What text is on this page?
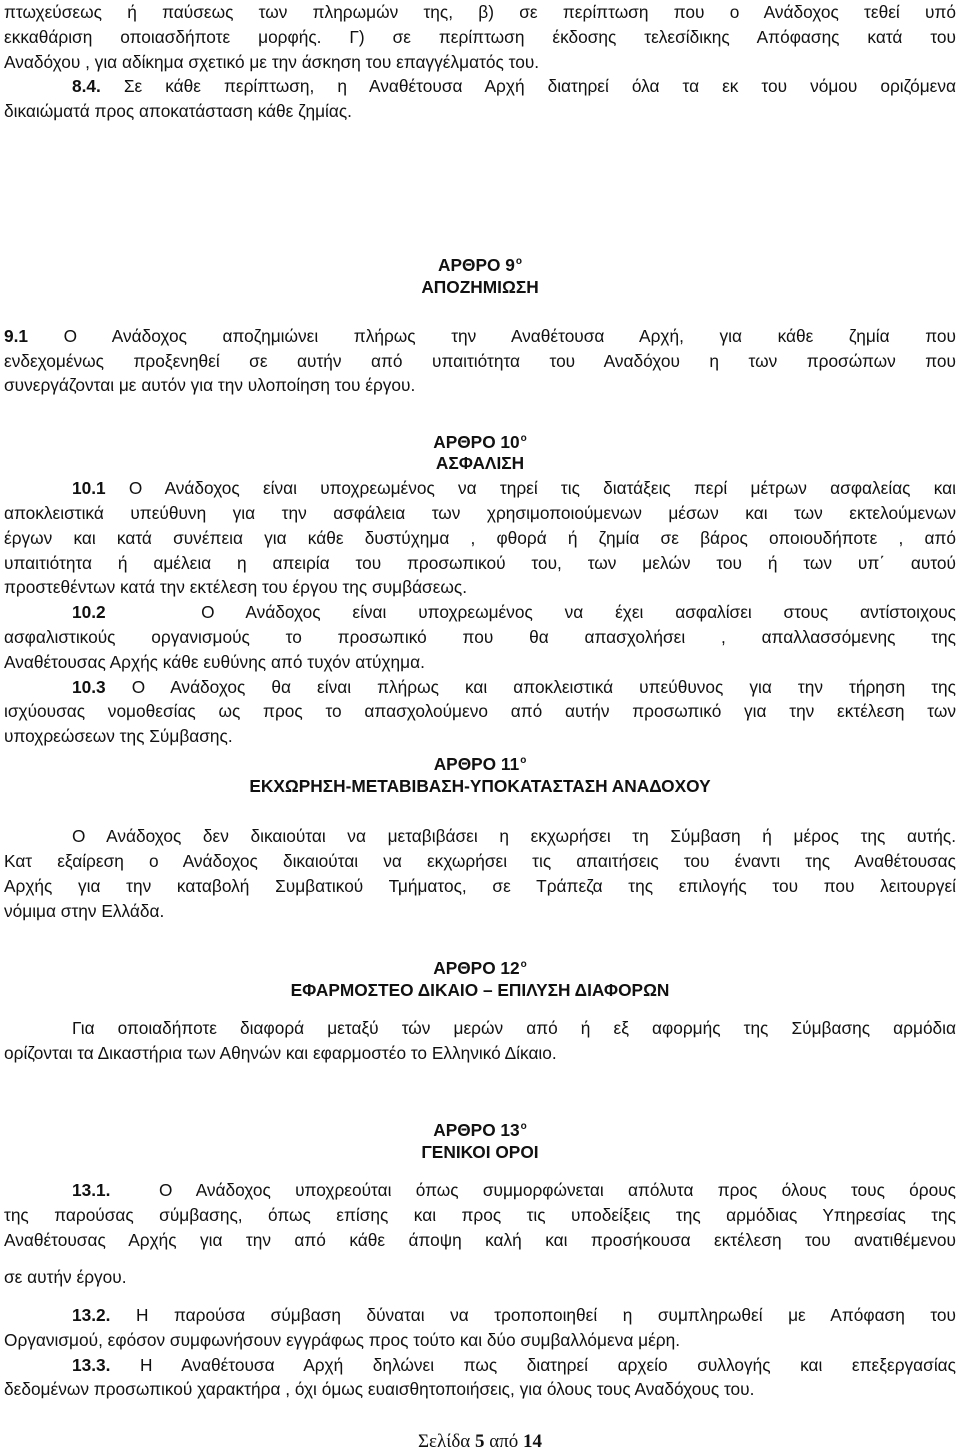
πτωχεύσεως ή παύσεως των πληρωμών της, β) σε περίπτωση που ο Ανάδοχος τεθεί υπό
εκκαθάριση οποιασδήποτε μορφής. Γ) σε περίπτωση έκδοσης τελεσίδικης Απόφασης κατά του
Αναδόχου , για αδίκημα σχετικό με την άσκηση του επαγγέλματός του.
8.4. Σε κάθε περίπτωση, η Αναθέτουσα Αρχή διατηρεί όλα τα εκ του νόμου οριζόμενα
δικαιώματά προς αποκατάσταση κάθε ζημίας.
ΑΡΘΡΟ $9^o$
ΑΠΟΖΗΜΙΩΣΗ
9.1 Ο Ανάδοχος αποζημιώνει πλήρως την Αναθέτουσα Αρχή, για κάθε ζημία που
ενδεχομένως προξενηθεί σε αυτήν από υπαιτιότητα του Αναδόχου η των προσώπων που
συνεργάζονται με αυτόν για την υλοποίηση του έργου.
ΑΡΘΡΟ $10^o$
ΑΣΦΑΛΙΣΗ
10.1 Ο Ανάδοχος είναι υποχρεωμένος να τηρεί τις διατάξεις περί μέτρων ασφαλείας και
αποκλειστικά υπεύθυνη για την ασφάλεια των χρησιμοποιούμενων μέσων και των εκτελούμενων
έργων και κατά συνέπεια για κάθε δυστύχημα , φθορά ή ζημία σε βάρος οποιουδήποτε , από
υπαιτιότητα ή αμέλεια η απειρία του προσωπικού του, των μελών του ή των υπ΄ αυτού
προστεθέντων κατά την εκτέλεση του έργου της συμβάσεως.
10.2	Ο Ανάδοχος είναι υποχρεωμένος να έχει ασφαλίσει στους αντίστοιχους
ασφαλιστικούς οργανισμούς το προσωπικό που θα απασχολήσει , απαλλασσόμενης της
Αναθέτουσας Αρχής κάθε ευθύνης από τυχόν ατύχημα.
10.3 Ο Ανάδοχος θα είναι πλήρως και αποκλειστικά υπεύθυνος για την τήρηση της
ισχύουσας νομοθεσίας ως προς το απασχολούμενο από αυτήν προσωπικό για την εκτέλεση των
υποχρεώσεων της Σύμβασης.
ΑΡΘΡΟ $11^o$
ΕΚΧΩΡΗΣΗ-ΜΕΤΑΒΙΒΑΣΗ-ΥΠΟΚΑΤΑΣΤΑΣΗ ΑΝΑΔΟΧΟΥ
Ο Ανάδοχος δεν δικαιούται να μεταβιβάσει η εκχωρήσει τη Σύμβαση ή μέρος της αυτής.
Κατ εξαίρεση ο Ανάδοχος δικαιούται να εκχωρήσει τις απαιτήσεις του έναντι της Αναθέτουσας
Αρχής για την καταβολή Συμβατικού Τμήματος, σε Τράπεζα της επιλογής του που λειτουργεί
νόμιμα στην Ελλάδα.
ΑΡΘΡΟ $12^o$
ΕΦΑΡΜΟΣΤΕΟ ΔΙΚΑΙΟ – ΕΠΙΛΥΣΗ ΔΙΑΦΟΡΩΝ
Για οποιαδήποτε διαφορά μεταξύ τών μερών από ή εξ αφορμής της Σύμβασης αρμόδια
ορίζονται τα Δικαστήρια των Αθηνών και εφαρμοστέο το Ελληνικό Δίκαιο.
ΑΡΘΡΟ $13^o$
ΓΕΝΙΚΟΙ ΟΡΟΙ
13.1.	Ο Ανάδοχος υποχρεούται όπως συμμορφώνεται απόλυτα προς όλους τους όρους
της παρούσας σύμβασης, όπως επίσης και προς τις υποδείξεις της αρμόδιας Υπηρεσίας της
Αναθέτουσας Αρχής για την από κάθε άποψη καλή και προσήκουσα εκτέλεση του ανατιθέμενου
σε αυτήν έργου.
13.2. Η παρούσα σύμβαση δύναται να τροποποιηθεί η συμπληρωθεί με Απόφαση του
Οργανισμού, εφόσον συμφωνήσουν εγγράφως προς τούτο και δύο συμβαλλόμενα μέρη.
13.3. Η Αναθέτουσα Αρχή δηλώνει πως διατηρεί αρχείο συλλογής και επεξεργασίας
δεδομένων προσωπικού χαρακτήρα , όχι όμως ευαισθητοποιήσεις, για όλους τους Αναδόχους του.
Σελίδα 5 από 14
